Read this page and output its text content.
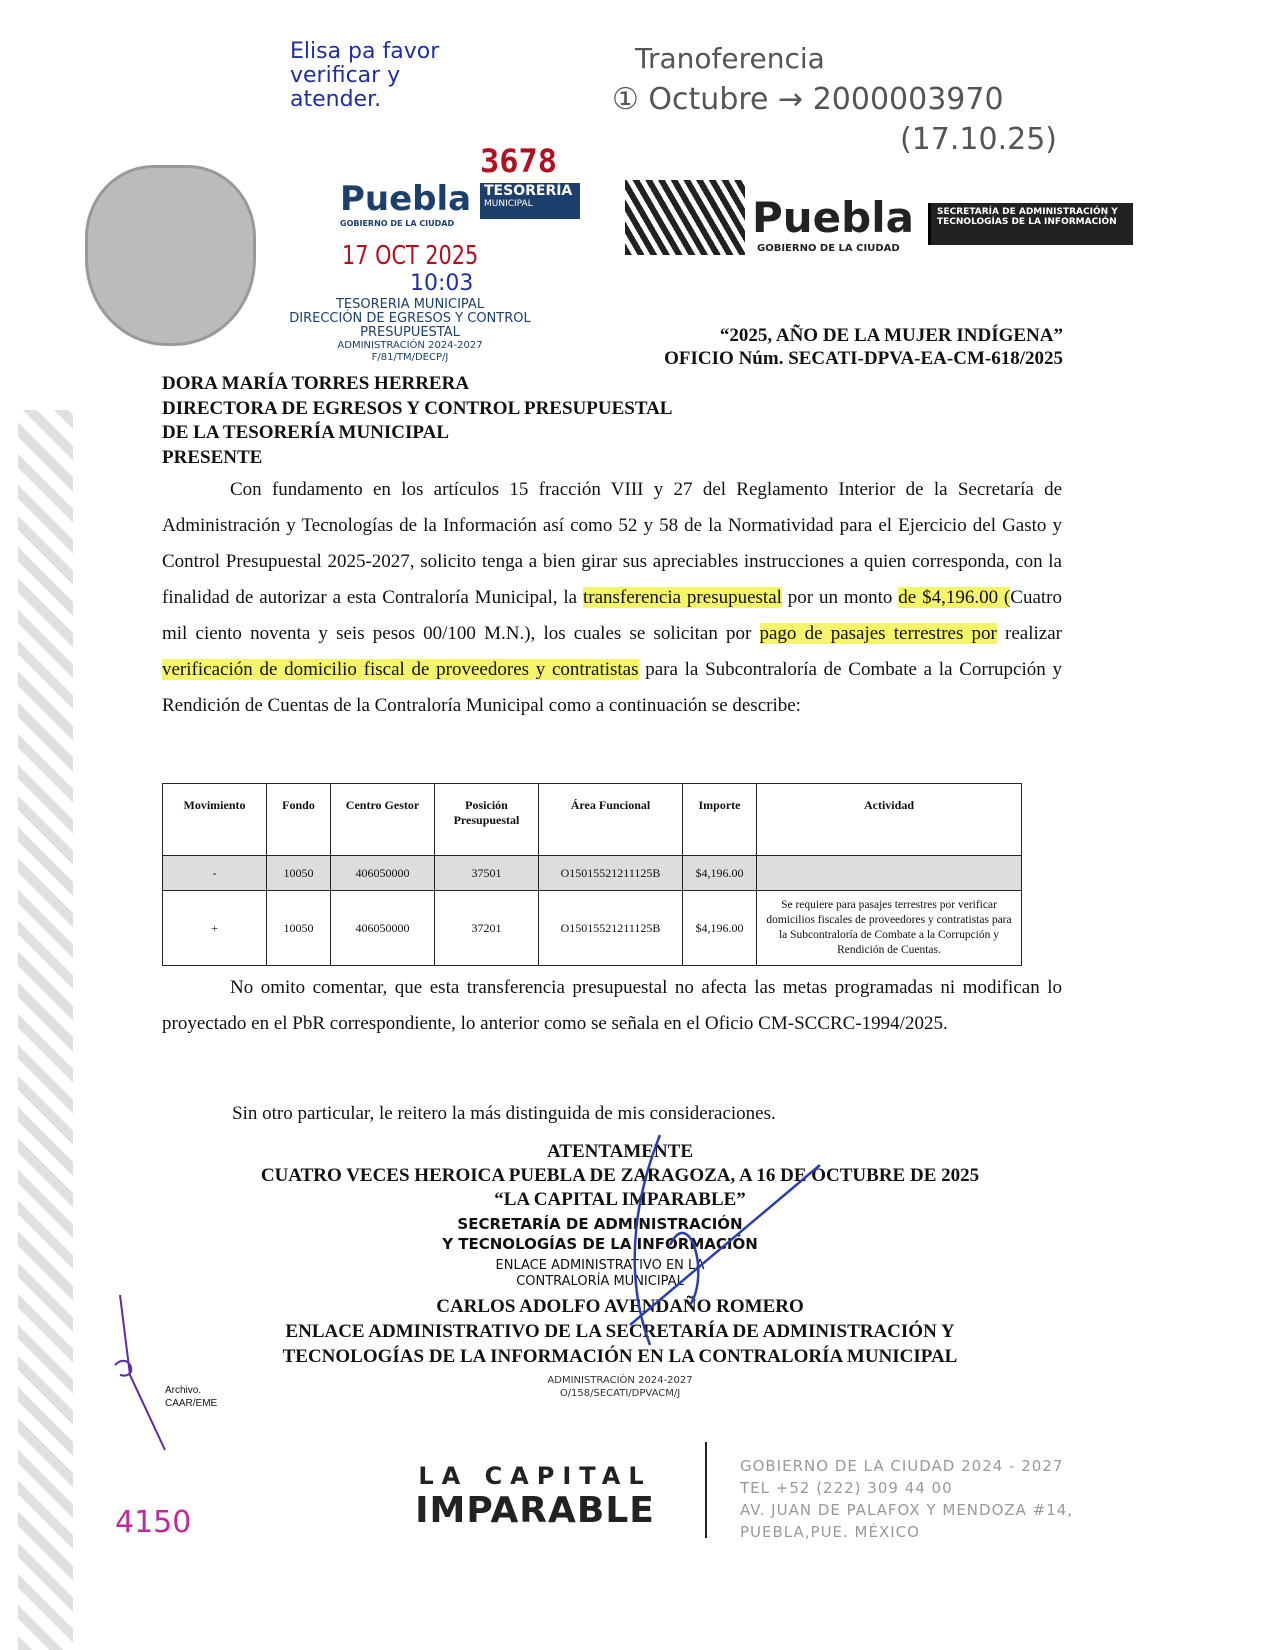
Tranoferencia
① Octubre → 2000003970
(17.10.25)
Elisa pa favor verificar y atender.
3678
Puebla
GOBIERNO DE LA CIUDAD
TESORERÍA
MUNICIPAL
17 OCT 2025
10:03
TESORERIA MUNICIPAL
DIRECCIÓN DE EGRESOS Y CONTROL
PRESUPUESTAL
ADMINISTRACIÓN 2024-2027
F/81/TM/DECP/J
Puebla
GOBIERNO DE LA CIUDAD
SECRETARÍA DE ADMINISTRACIÓN Y TECNOLOGÍAS DE LA INFORMACIÓN
“2025, AÑO DE LA MUJER INDÍGENA”
OFICIO Núm. SECATI-DPVA-EA-CM-618/2025
DORA MARÍA TORRES HERRERA
DIRECTORA DE EGRESOS Y CONTROL PRESUPUESTAL
DE LA TESORERÍA MUNICIPAL
PRESENTE

Con fundamento en los artículos 15 fracción VIII y 27 del Reglamento Interior de la Secretaría de Administración y Tecnologías de la Información así como 52 y 58 de la Normatividad para el Ejercicio del Gasto y Control Presupuestal 2025-2027, solicito tenga a bien girar sus apreciables instrucciones a quien corresponda, con la finalidad de autorizar a esta Contraloría Municipal, la transferencia presupuestal por un monto de $4,196.00 (Cuatro mil ciento noventa y seis pesos 00/100 M.N.), los cuales se solicitan por pago de pasajes terrestres por realizar verificación de domicilio fiscal de proveedores y contratistas para la Subcontraloría de Combate a la Corrupción y Rendición de Cuentas de la Contraloría Municipal como a continuación se describe:

Movimiento	Fondo	Centro Gestor	Posición Presupuestal	Área Funcional	Importe	Actividad
-	10050	406050000	37501	O15015521211125B	$4,196.00	
+	10050	406050000	37201	O15015521211125B	$4,196.00	Se requiere para pasajes terrestres por verificar domicilios fiscales de proveedores y contratistas para la Subcontraloría de Combate a la Corrupción y Rendición de Cuentas.

No omito comentar, que esta transferencia presupuestal no afecta las metas programadas ni modifican lo proyectado en el PbR correspondiente, lo anterior como se señala en el Oficio CM-SCCRC-1994/2025.

Sin otro particular, le reitero la más distinguida de mis consideraciones.

ATENTAMENTE
CUATRO VECES HEROICA PUEBLA DE ZARAGOZA, A 16 DE OCTUBRE DE 2025
“LA CAPITAL IMPARABLE”
SECRETARÍA DE ADMINISTRACIÓN
Y TECNOLOGÍAS DE LA INFORMACIÓN
ENLACE ADMINISTRATIVO EN LA
CONTRALORÍA MUNICIPAL
CARLOS ADOLFO AVENDAÑO ROMERO
ENLACE ADMINISTRATIVO DE LA SECRETARÍA DE ADMINISTRACIÓN Y
TECNOLOGÍAS DE LA INFORMACIÓN EN LA CONTRALORÍA MUNICIPAL
ADMINISTRACIÓN 2024-2027
O/158/SECATI/DPVACM/J
Archivo.
CAAR/EME
4150
LA CAPITAL
IMPARABLE
GOBIERNO DE LA CIUDAD 2024 - 2027
TEL +52 (222) 309 44 00
AV. JUAN DE PALAFOX Y MENDOZA #14,
PUEBLA,PUE. MÉXICO
